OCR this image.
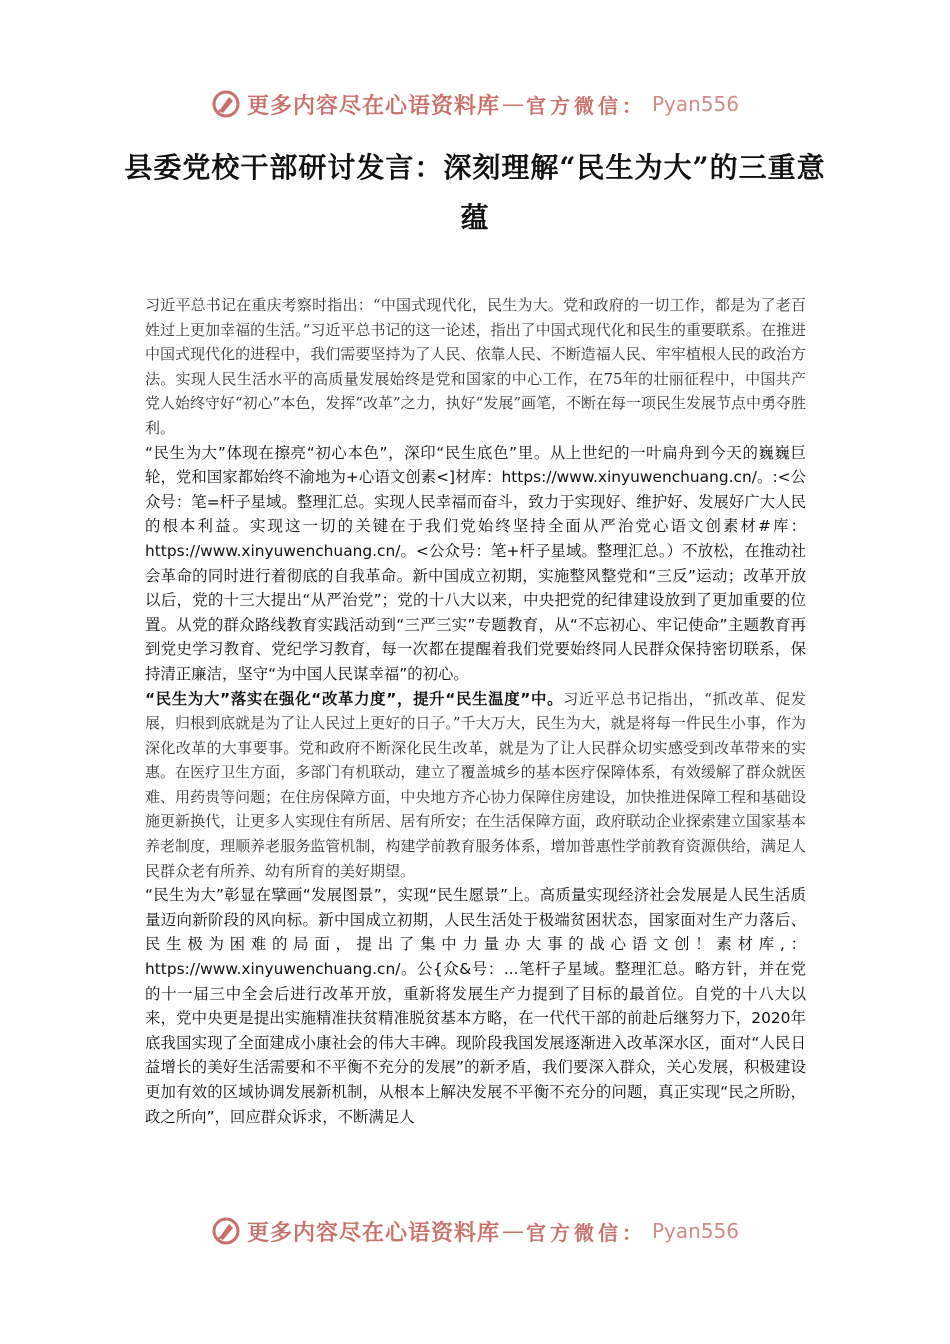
更多内容尽在心语资料库 — 官方微信： Pyan556
县委党校干部研讨发言：深刻理解“民生为大”的三重意蕴

习近平总书记在重庆考察时指出：“中国式现代化，民生为大。党和政府的一切工作，都是为了老百姓过上更加幸福的生活。”习近平总书记的这一论述，指出了中国式现代化和民生的重要联系。在推进中国式现代化的进程中，我们需要坚持为了人民、依靠人民、不断造福人民、牢牢植根人民的政治方法。实现人民生活水平的高质量发展始终是党和国家的中心工作，在75年的壮丽征程中，中国共产党人始终守好“初心”本色，发挥“改革”之力，执好“发展”画笔，不断在每一项民生发展节点中勇夺胜利。

“民生为大”体现在擦亮“初心本色”，深印“民生底色”里。从上世纪的一叶扁舟到今天的巍巍巨轮，党和国家都始终不渝地为+心语文创素<]材库：https://www.xinyuwenchuang.cn/。:<公众号：笔=杆子星域。整理汇总。实现人民幸福而奋斗，致力于实现好、维护好、发展好广大人民的根本利益。实现这一切的关键在于我们党始终坚持全面从严治党心语文创素材#库：https://www.xinyuwenchuang.cn/。<公众号：笔+杆子星域。整理汇总。）不放松，在推动社会革命的同时进行着彻底的自我革命。新中国成立初期，实施整风整党和“三反”运动；改革开放以后，党的十三大提出“从严治党”；党的十八大以来，中央把党的纪律建设放到了更加重要的位置。从党的群众路线教育实践活动到“三严三实”专题教育，从“不忘初心、牢记使命”主题教育再到党史学习教育、党纪学习教育，每一次都在提醒着我们党要始终同人民群众保持密切联系，保持清正廉洁，坚守“为中国人民谋幸福”的初心。

“民生为大”落实在强化“改革力度”，提升“民生温度”中。习近平总书记指出，“抓改革、促发展，归根到底就是为了让人民过上更好的日子。”千大万大，民生为大，就是将每一件民生小事，作为深化改革的大事要事。党和政府不断深化民生改革，就是为了让人民群众切实感受到改革带来的实惠。在医疗卫生方面，多部门有机联动，建立了覆盖城乡的基本医疗保障体系，有效缓解了群众就医难、用药贵等问题；在住房保障方面，中央地方齐心协力保障住房建设，加快推进保障工程和基础设施更新换代，让更多人实现住有所居、居有所安；在生活保障方面，政府联动企业探索建立国家基本养老制度，理顺养老服务监管机制，构建学前教育服务体系，增加普惠性学前教育资源供给，满足人民群众老有所养、幼有所育的美好期望。

“民生为大”彰显在擘画“发展图景”，实现“民生愿景”上。高质量实现经济社会发展是人民生活质量迈向新阶段的风向标。新中国成立初期，人民生活处于极端贫困状态，国家面对生产力落后、民生极为困难的局面，提出了集中力量办大事的战心语文创！素材库,：https://www.xinyuwenchuang.cn/。公{众&号：...笔杆子星域。整理汇总。略方针，并在党的十一届三中全会后进行改革开放，重新将发展生产力提到了目标的最首位。自党的十八大以来，党中央更是提出实施精准扶贫精准脱贫基本方略，在一代代干部的前赴后继努力下，2020年底我国实现了全面建成小康社会的伟大丰碑。现阶段我国发展逐渐进入改革深水区，面对“人民日益增长的美好生活需要和不平衡不充分的发展”的新矛盾，我们要深入群众，关心发展，积极建设更加有效的区域协调发展新机制，从根本上解决发展不平衡不充分的问题，真正实现“民之所盼，政之所向”，回应群众诉求，不断满足人

更多内容尽在心语资料库 — 官方微信： Pyan556
